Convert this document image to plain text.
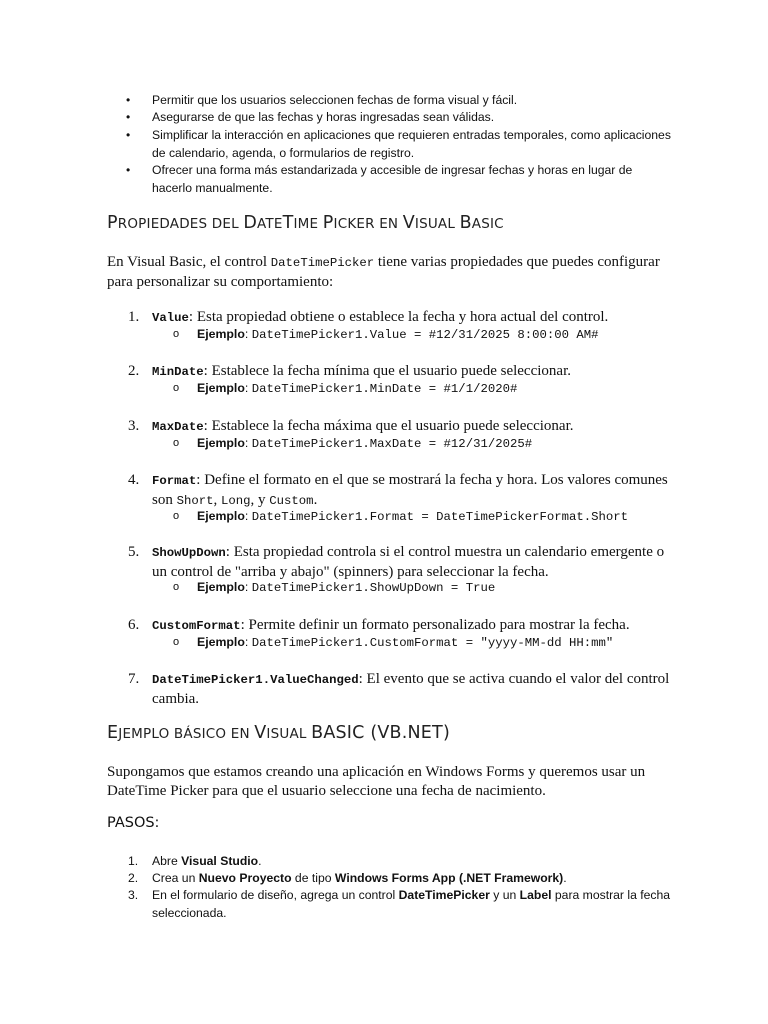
• Permitir que los usuarios seleccionen fechas de forma visual y fácil.
• Asegurarse de que las fechas y horas ingresadas sean válidas.
• Simplificar la interacción en aplicaciones que requieren entradas temporales, como aplicaciones de calendario, agenda, o formularios de registro.
• Ofrecer una forma más estandarizada y accesible de ingresar fechas y horas en lugar de hacerlo manualmente.
PROPIEDADES DEL DATETIME PICKER EN VISUAL BASIC
En Visual Basic, el control DateTimePicker tiene varias propiedades que puedes configurar para personalizar su comportamiento:
1. Value: Esta propiedad obtiene o establece la fecha y hora actual del control.
o Ejemplo: DateTimePicker1.Value = #12/31/2025 8:00:00 AM#
2. MinDate: Establece la fecha mínima que el usuario puede seleccionar.
o Ejemplo: DateTimePicker1.MinDate = #1/1/2020#
3. MaxDate: Establece la fecha máxima que el usuario puede seleccionar.
o Ejemplo: DateTimePicker1.MaxDate = #12/31/2025#
4. Format: Define el formato en el que se mostrará la fecha y hora. Los valores comunes son Short, Long, y Custom.
o Ejemplo: DateTimePicker1.Format = DateTimePickerFormat.Short
5. ShowUpDown: Esta propiedad controla si el control muestra un calendario emergente o un control de "arriba y abajo" (spinners) para seleccionar la fecha.
o Ejemplo: DateTimePicker1.ShowUpDown = True
6. CustomFormat: Permite definir un formato personalizado para mostrar la fecha.
o Ejemplo: DateTimePicker1.CustomFormat = "yyyy-MM-dd HH:mm"
7. DateTimePicker1.ValueChanged: El evento que se activa cuando el valor del control cambia.
EJEMPLO BÁSICO EN VISUAL BASIC (VB.NET)
Supongamos que estamos creando una aplicación en Windows Forms y queremos usar un DateTime Picker para que el usuario seleccione una fecha de nacimiento.
PASOS:
1. Abre Visual Studio.
2. Crea un Nuevo Proyecto de tipo Windows Forms App (.NET Framework).
3. En el formulario de diseño, agrega un control DateTimePicker y un Label para mostrar la fecha seleccionada.
